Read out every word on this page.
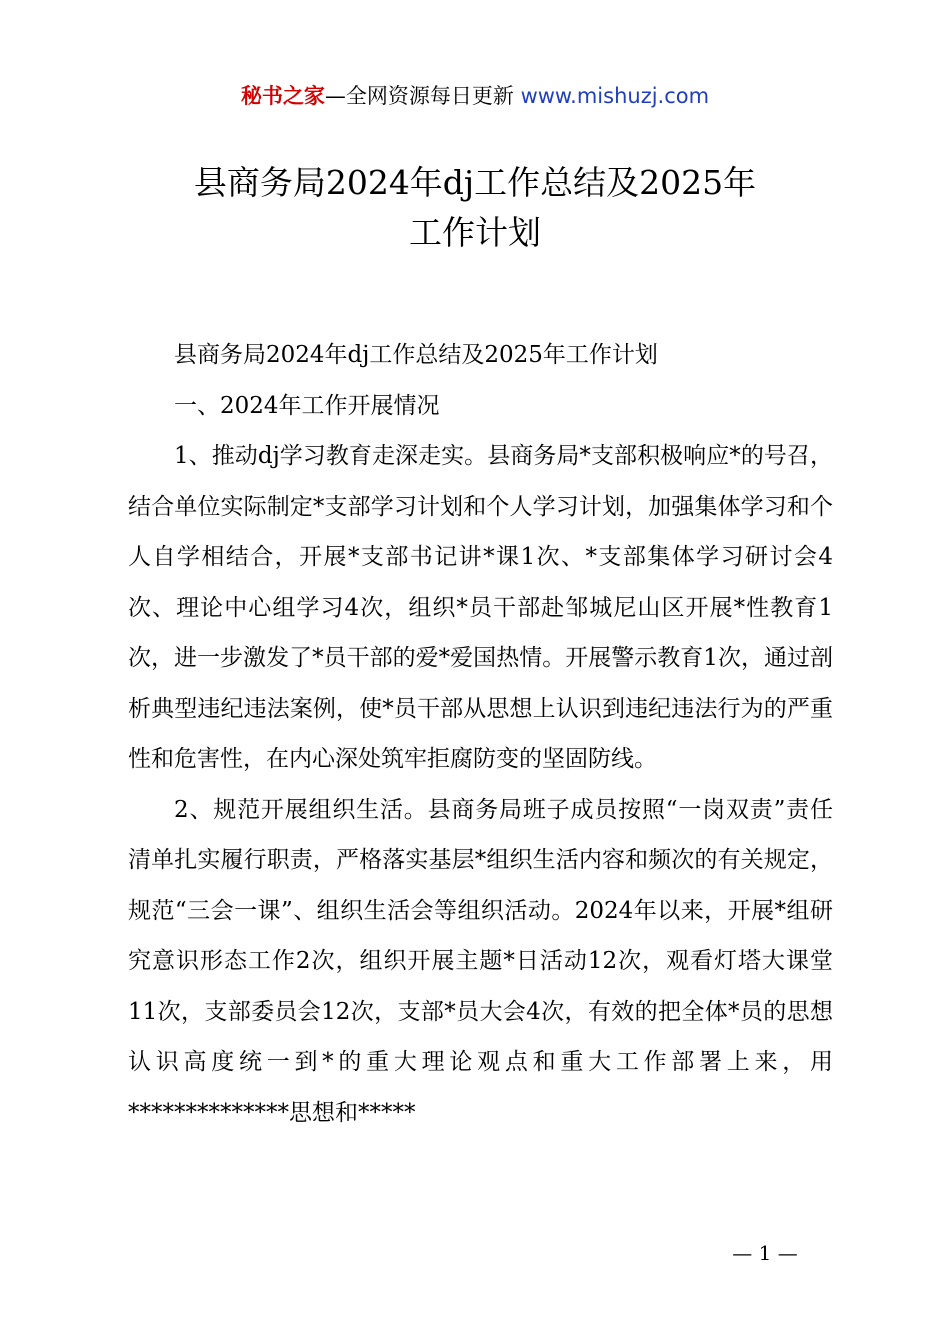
秘书之家—全网资源每日更新 www.mishuzj.com
县商务局2024年dj工作总结及2025年
工作计划

县商务局2024年dj工作总结及2025年工作计划

一、2024年工作开展情况

1、推动dj学习教育走深走实。县商务局*支部积极响应*的号召，结合单位实际制定*支部学习计划和个人学习计划，加强集体学习和个人自学相结合，开展*支部书记讲*课1次、*支部集体学习研讨会4次、理论中心组学习4次，组织*员干部赴邹城尼山区开展*性教育1次，进一步激发了*员干部的爱*爱国热情。开展警示教育1次，通过剖析典型违纪违法案例，使*员干部从思想上认识到违纪违法行为的严重性和危害性，在内心深处筑牢拒腐防变的坚固防线。

2、规范开展组织生活。县商务局班子成员按照“一岗双责”责任清单扎实履行职责，严格落实基层*组织生活内容和频次的有关规定，规范“三会一课”、组织生活会等组织活动。2024年以来，开展*组研究意识形态工作2次，组织开展主题*日活动12次，观看灯塔大课堂11次，支部委员会12次，支部*员大会4次，有效的把全体*员的思想认识高度统一到*的重大理论观点和重大工作部署上来，用**************思想和*****

— 1 —
